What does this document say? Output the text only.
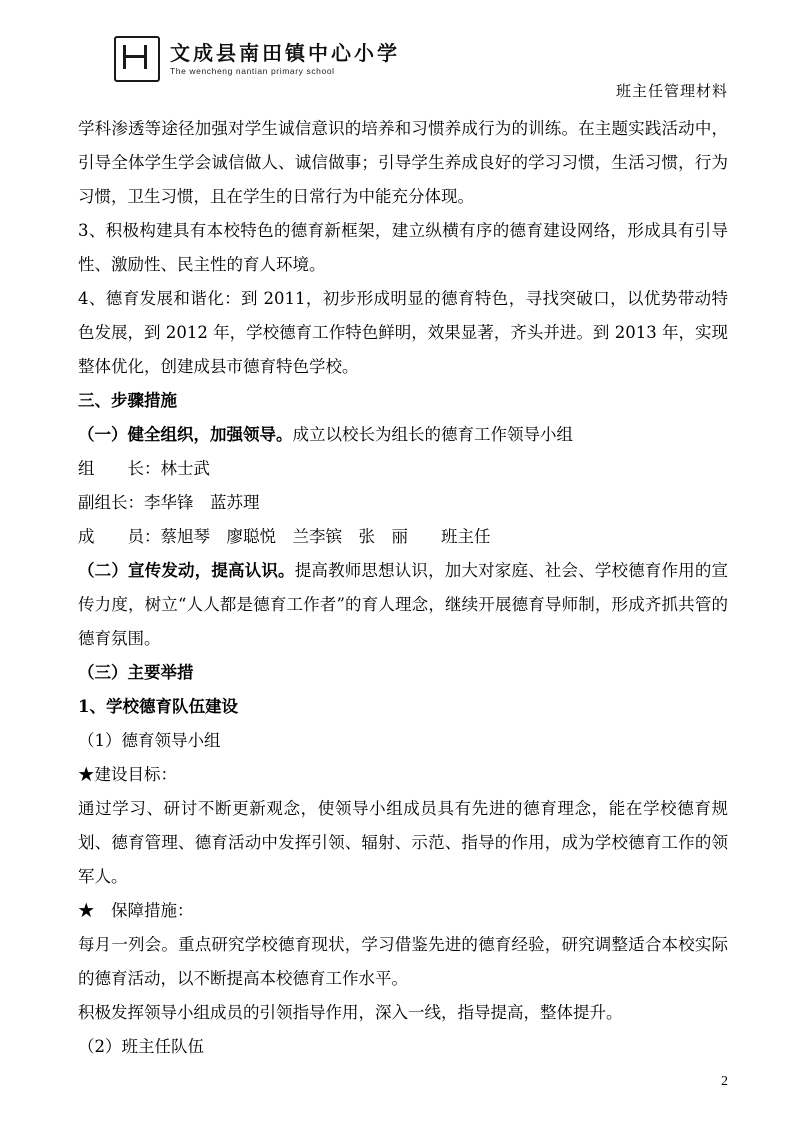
文成县南田镇中心小学
The wencheng nantian primary school
班主任管理材料

学科渗透等途径加强对学生诚信意识的培养和习惯养成行为的训练。在主题实践活动中，引导全体学生学会诚信做人、诚信做事；引导学生养成良好的学习习惯，生活习惯，行为习惯，卫生习惯，且在学生的日常行为中能充分体现。

3、积极构建具有本校特色的德育新框架，建立纵横有序的德育建设网络，形成具有引导性、激励性、民主性的育人环境。

4、德育发展和谐化：到 2011，初步形成明显的德育特色，寻找突破口，以优势带动特色发展，到 2012 年，学校德育工作特色鲜明，效果显著，齐头并进。到 2013 年，实现整体优化，创建成县市德育特色学校。

三、步骤措施

（一）健全组织，加强领导。成立以校长为组长的德育工作领导小组

组　　长：林士武

副组长：李华锋　蓝苏理

成　　员：蔡旭琴　廖聪悦　兰李镔　张　丽　　班主任

（二）宣传发动，提高认识。提高教师思想认识，加大对家庭、社会、学校德育作用的宣传力度，树立“人人都是德育工作者”的育人理念，继续开展德育导师制，形成齐抓共管的德育氛围。

（三）主要举措

1、学校德育队伍建设

（1）德育领导小组

★建设目标：

通过学习、研讨不断更新观念，使领导小组成员具有先进的德育理念，能在学校德育规划、德育管理、德育活动中发挥引领、辐射、示范、指导的作用，成为学校德育工作的领军人。

★　保障措施：

每月一列会。重点研究学校德育现状，学习借鉴先进的德育经验，研究调整适合本校实际的德育活动，以不断提高本校德育工作水平。

积极发挥领导小组成员的引领指导作用，深入一线，指导提高，整体提升。

（2）班主任队伍

2
